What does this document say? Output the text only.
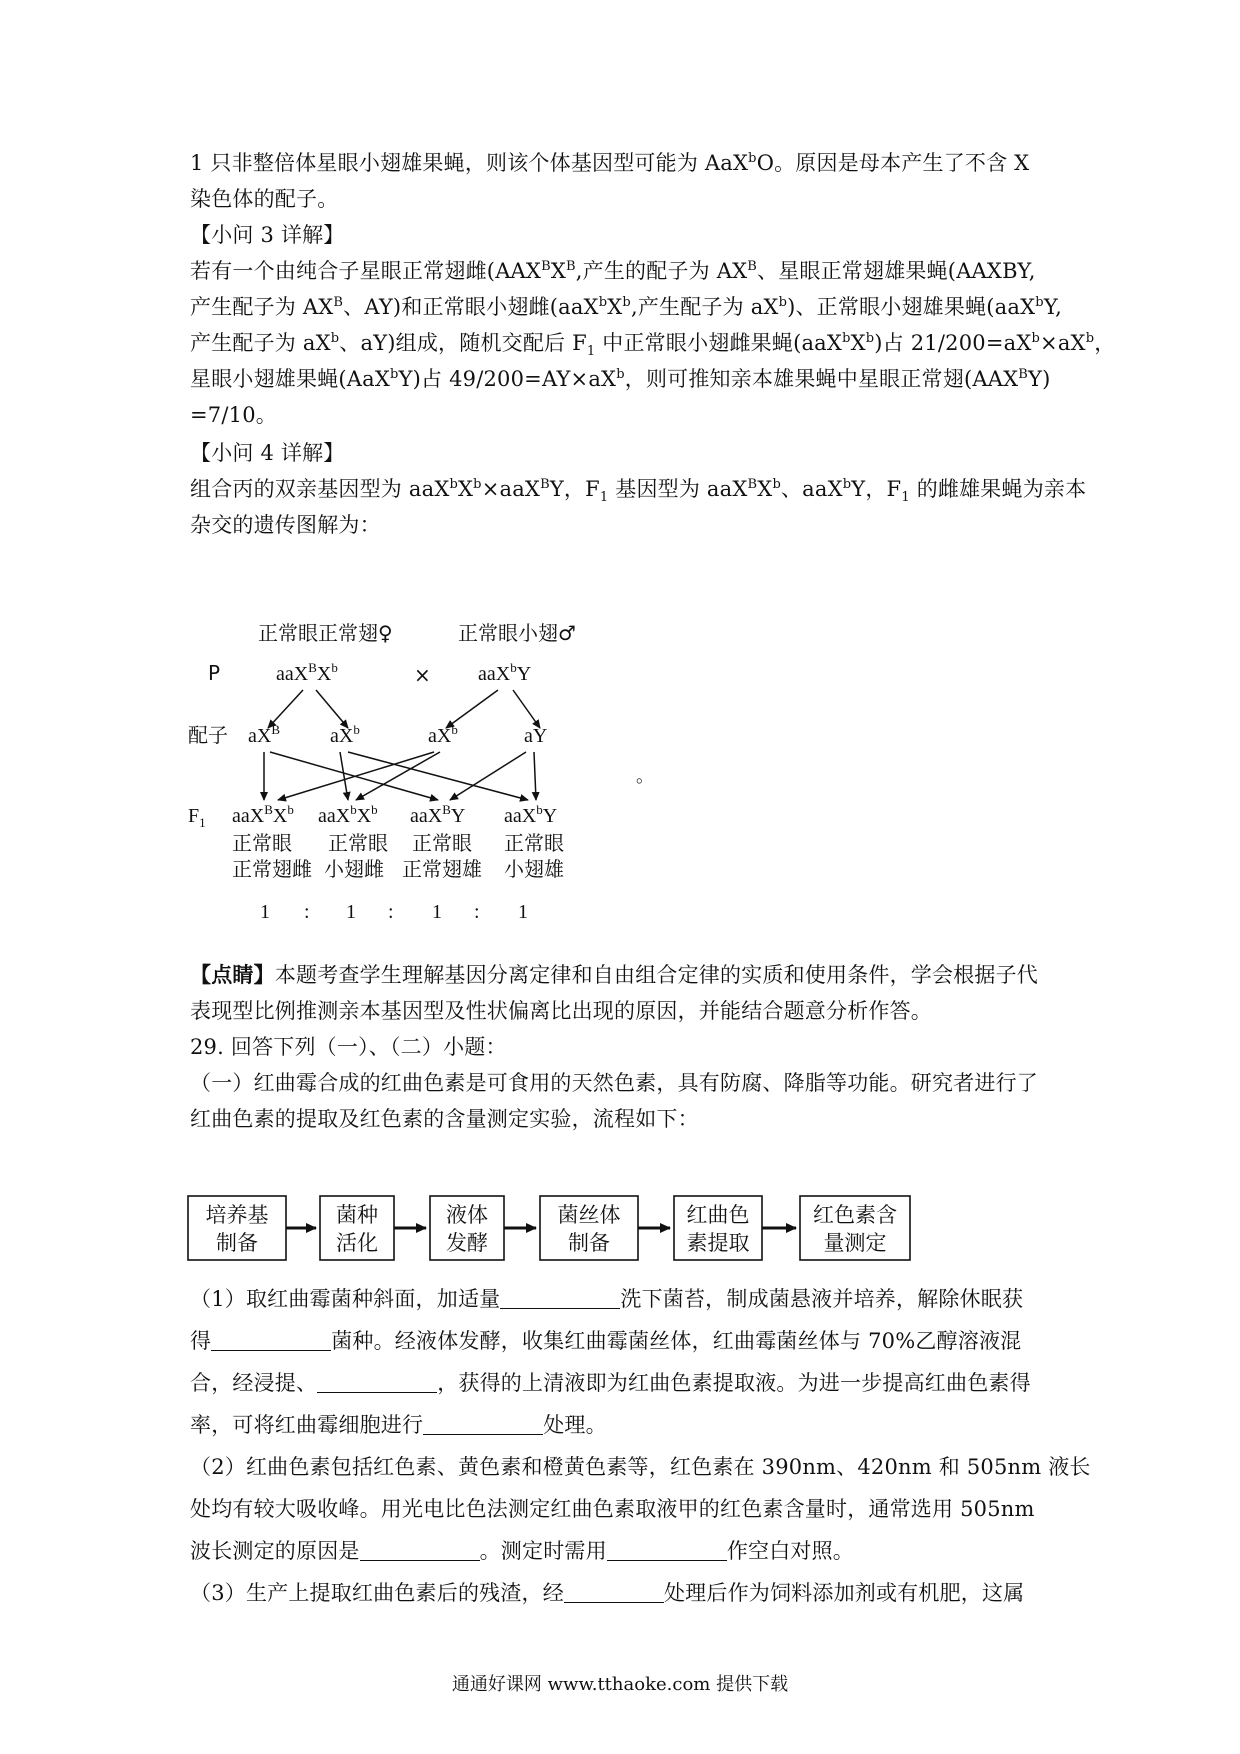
1 只非整倍体星眼小翅雄果蝇，则该个体基因型可能为 AaX$^b$O。原因是母本产生了不含 X
染色体的配子。
【小问 3 详解】
若有一个由纯合子星眼正常翅雌($AAX^BX^B$,产生的配子为 $AX^B$、星眼正常翅雄果蝇(AAXBY,
产生配子为 $AX^B$、AY)和正常眼小翅雌($aaX^bX^b$,产生配子为 $aX^b$)、正常眼小翅雄果蝇(aaX$^b$Y,
产生配子为 $aX^b$、aY)组成，随机交配后 $F_1$ 中正常眼小翅雌果蝇$(aaX^bX^b)$占 $21/200=aX^b\times aX^b$，
星眼小翅雄果蝇(AaX$^b$Y)占 $49/200=AY\times aX^b$，则可推知亲本雄果蝇中星眼正常翅$(AAX^BY)$
=7/10。
【小问 4 详解】
组合丙的双亲基因型为 $aaX^bX^b\times aaX^BY$，$F_1$ 基因型为 $aaX^BX^b$、aaX$^b$Y，$F_1$ 的雌雄果蝇为亲本
杂交的遗传图解为：
正常眼正常翅♀	正常眼小翅♂
P	$aaX^BX^b$	× aaX$^b$Y
配子 $aX^B$	$aX^b$	$aX^b$	aY
$F_1$ $aaX^BX^b$ $aaX^bX^b$ aaX$^B$Y aaX$^b$Y
正常眼
正常翅雌
正常眼
小翅雌
正常眼
正常翅雄
正常眼
小翅雄
1 : 1 : 1 : 1
。
【点睛】本题考查学生理解基因分离定律和自由组合定律的实质和使用条件，学会根据子代
表现型比例推测亲本基因型及性状偏离比出现的原因，并能结合题意分析作答。
29. 回答下列（一）、（二）小题：
（一）红曲霉合成的红曲色素是可食用的天然色素，具有防腐、降脂等功能。研究者进行了
红曲色素的提取及红色素的含量测定实验，流程如下：
培养基
制备
菌种
活化
液体
发酵
菌丝体
制备
红曲色
素提取
红色素含
量测定
（1）取红曲霉菌种斜面，加适量	洗下菌苔，制成菌悬液并培养，解除休眠获
得	菌种。经液体发酵，收集红曲霉菌丝体，红曲霉菌丝体与 70%乙醇溶液混
合，经浸提、	，获得的上清液即为红曲色素提取液。为进一步提高红曲色素得
率，可将红曲霉细胞进行	处理。
（2）红曲色素包括红色素、黄色素和橙黄色素等，红色素在 390nm、420nm 和 505nm 液长
处均有较大吸收峰。用光电比色法测定红曲色素取液甲的红色素含量时，通常选用 505nm
波长测定的原因是	。测定时需用	作空白对照。
（3）生产上提取红曲色素后的残渣，经	处理后作为饲料添加剂或有机肥，这属
通通好课网 www.tthaoke.com 提供下载
